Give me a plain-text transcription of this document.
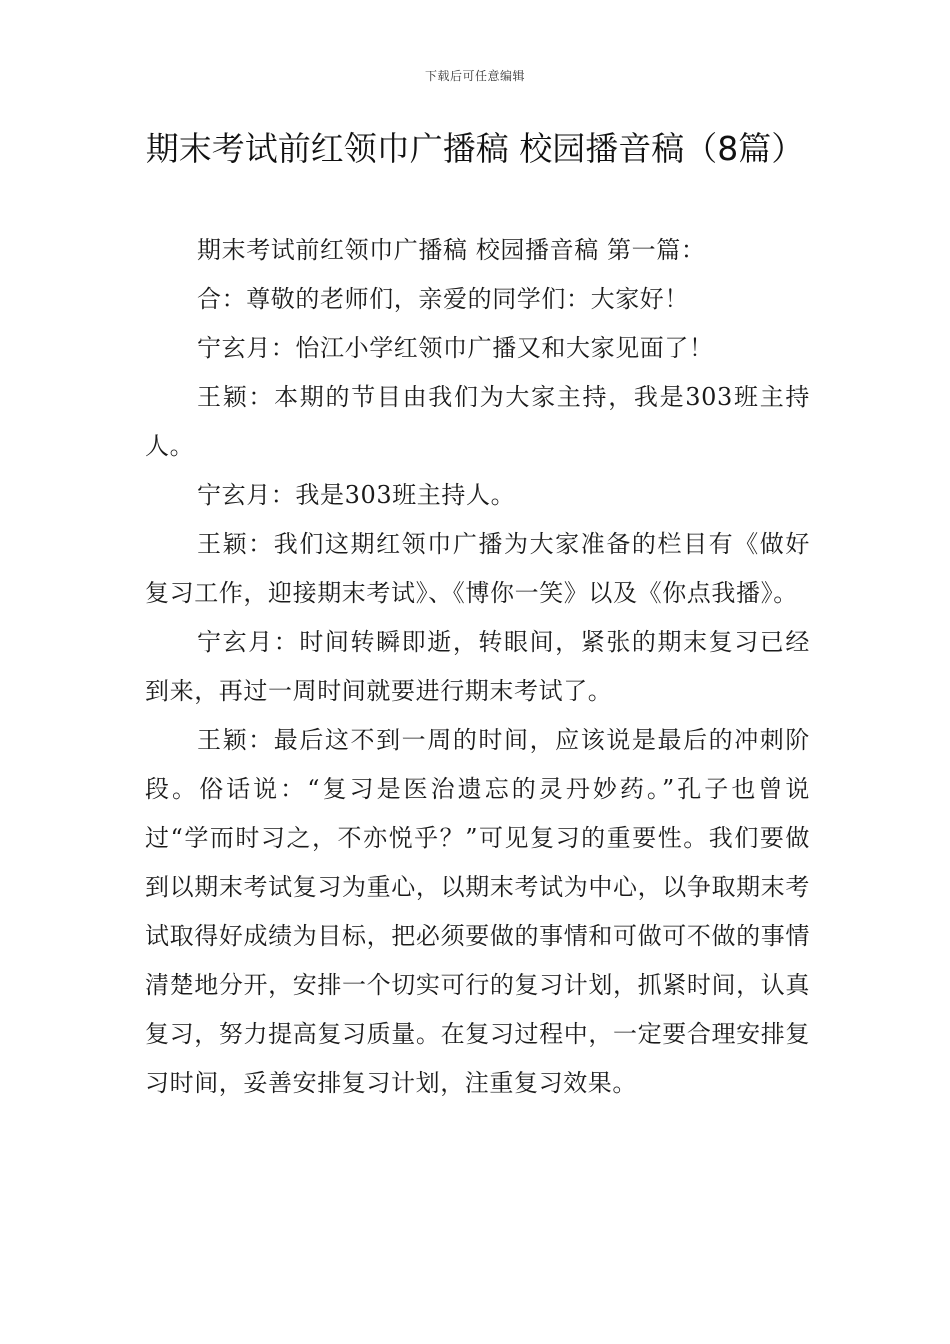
下载后可任意编辑
期末考试前红领巾广播稿 校园播音稿（8篇）

期末考试前红领巾广播稿 校园播音稿 第一篇：

合：尊敬的老师们，亲爱的同学们：大家好！

宁玄月：怡江小学红领巾广播又和大家见面了！

王颖：本期的节目由我们为大家主持，我是303班主持人。

宁玄月：我是303班主持人。

王颖：我们这期红领巾广播为大家准备的栏目有《做好复习工作，迎接期末考试》、《博你一笑》以及《你点我播》。

宁玄月：时间转瞬即逝，转眼间，紧张的期末复习已经到来，再过一周时间就要进行期末考试了。

王颖：最后这不到一周的时间，应该说是最后的冲刺阶段。俗话说：“复习是医治遗忘的灵丹妙药。”孔子也曾说过“学而时习之，不亦悦乎？”可见复习的重要性。我们要做到以期末考试复习为重心，以期末考试为中心，以争取期末考试取得好成绩为目标，把必须要做的事情和可做可不做的事情清楚地分开，安排一个切实可行的复习计划，抓紧时间，认真复习，努力提高复习质量。在复习过程中，一定要合理安排复习时间，妥善安排复习计划，注重复习效果。
